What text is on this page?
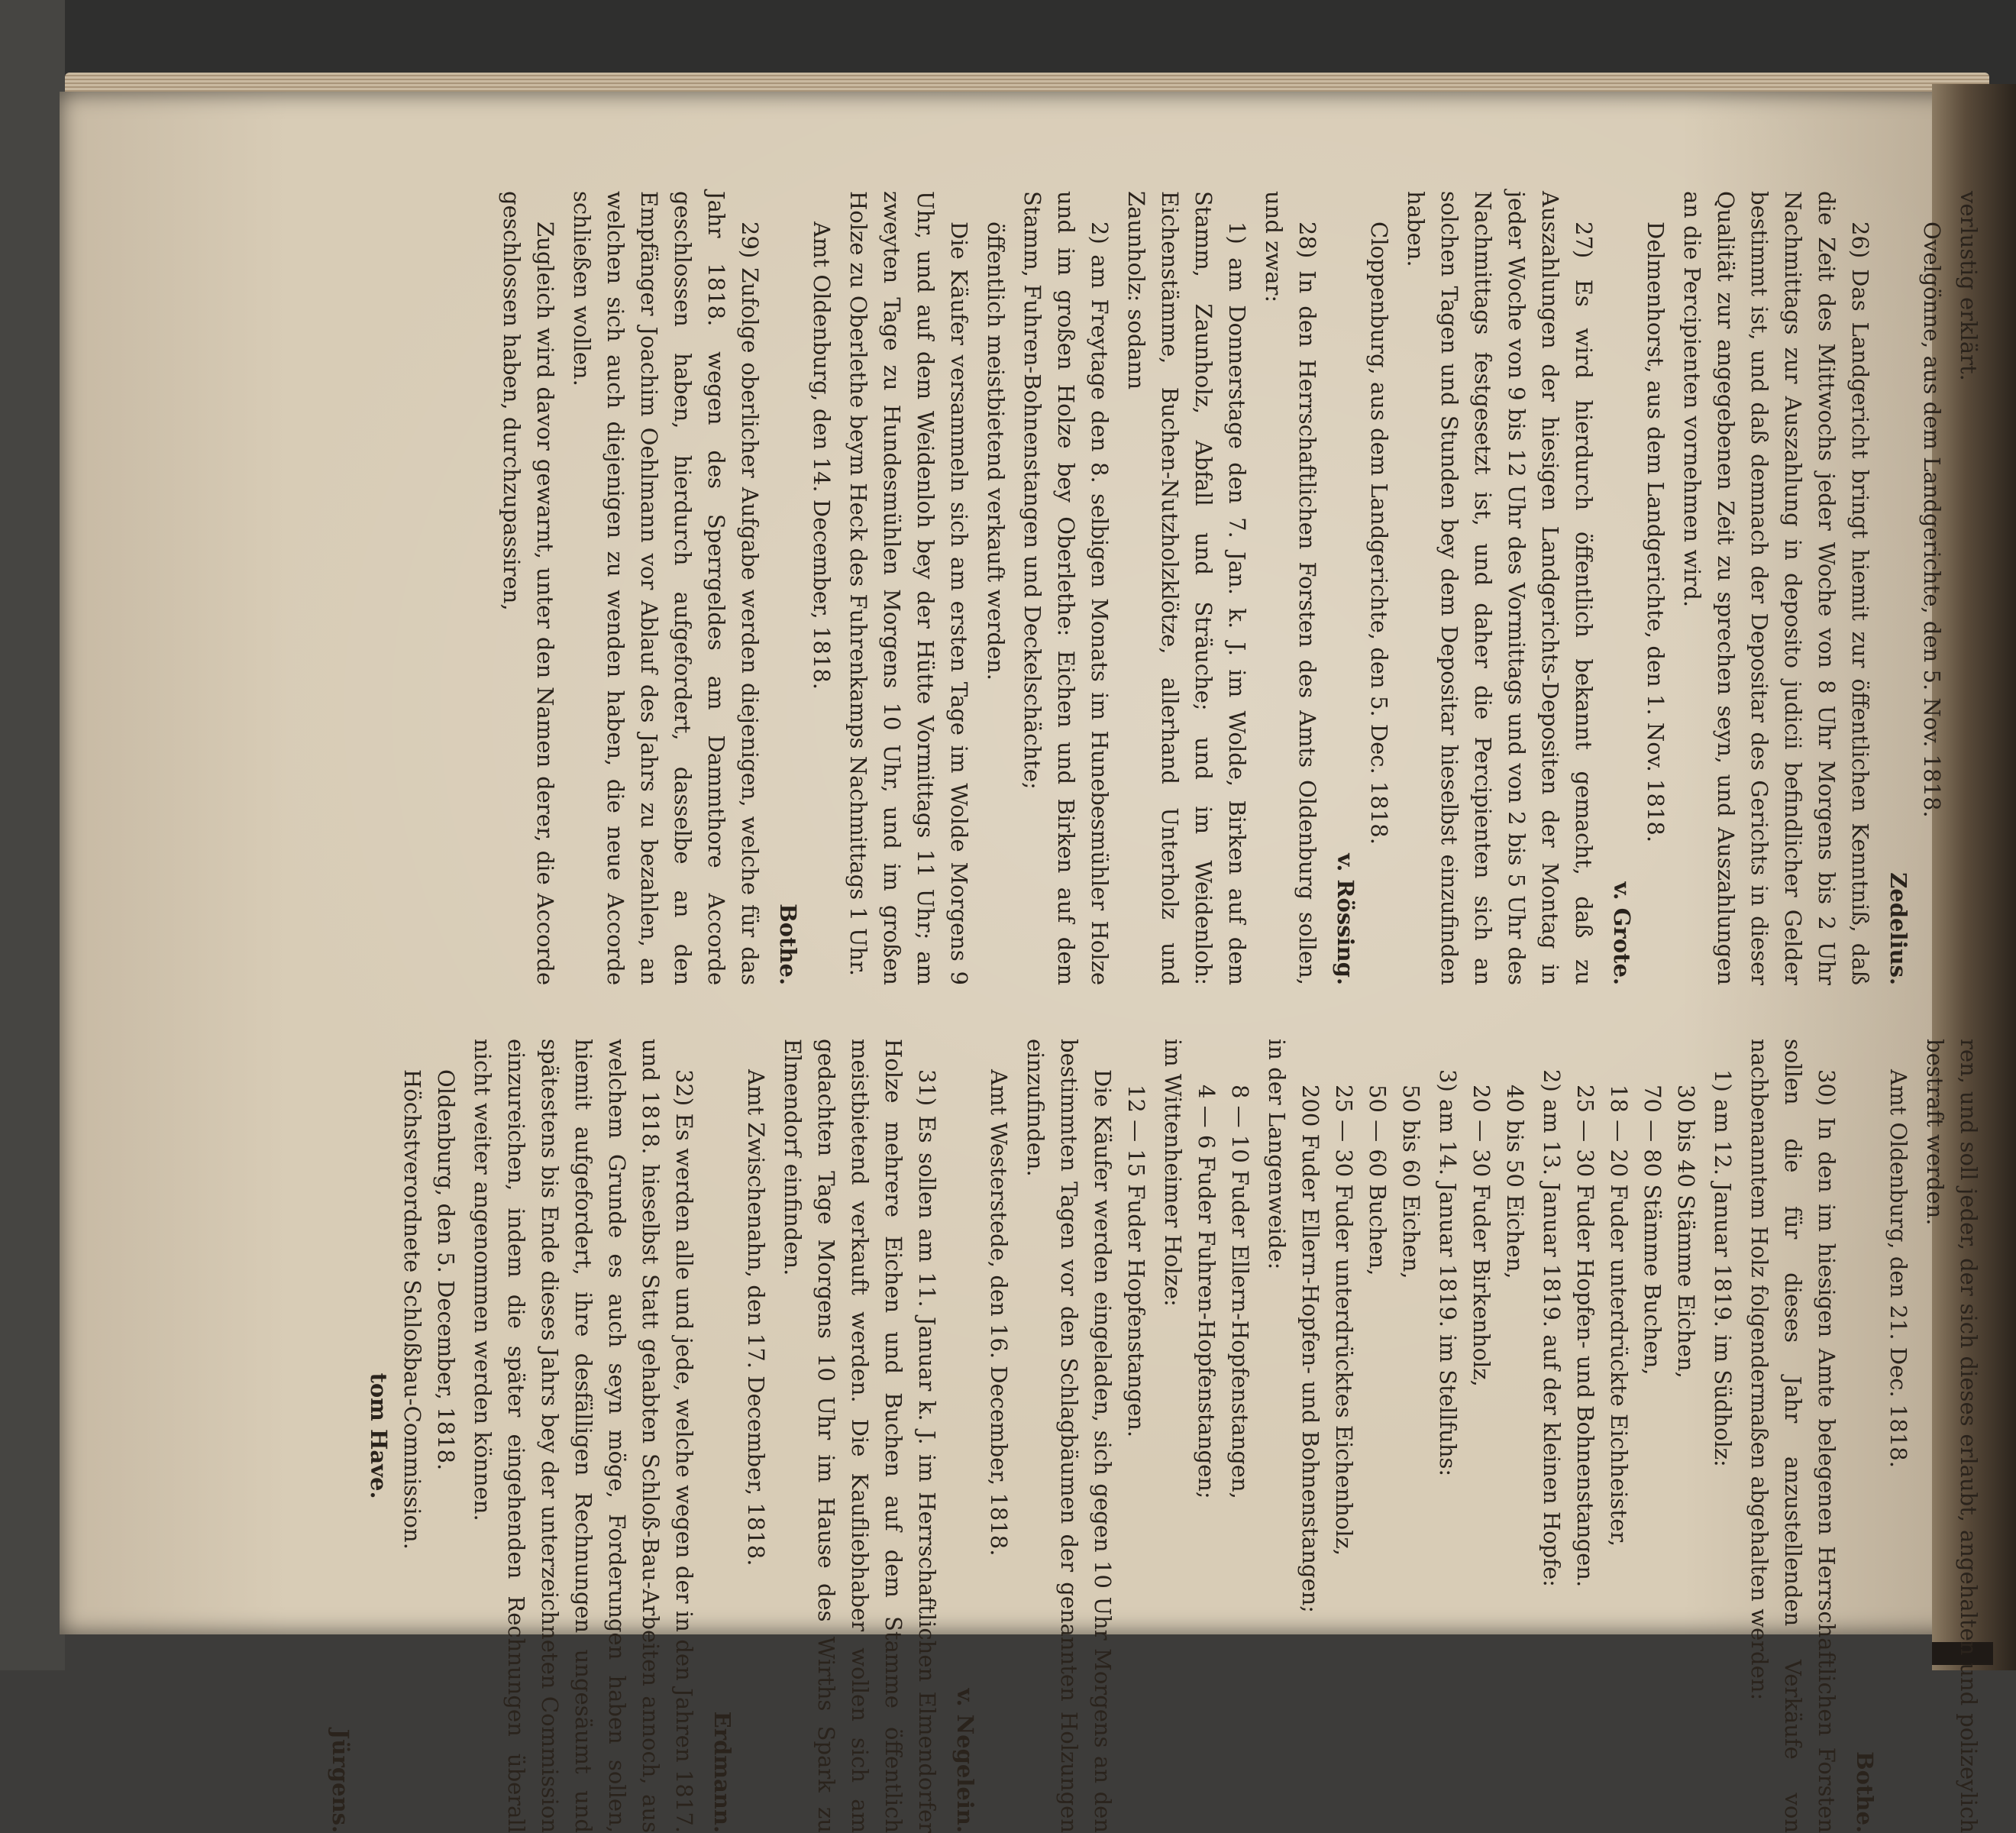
verlustig erklärt.

Ovelgönne, aus dem Landgerichte, den 5. Nov. 1818.

Zedelius.

26) Das Landgericht bringt hiemit zur öffentlichen Kenntniß, daß die Zeit des Mittwochs jeder Woche von 8 Uhr Morgens bis 2 Uhr Nachmittags zur Auszahlung in deposito judicii befindlicher Gelder bestimmt ist, und daß demnach der Depositar des Gerichts in dieser Qualität zur angegebenen Zeit zu sprechen seyn, und Auszahlungen an die Percipienten vornehmen wird.

Delmenhorst, aus dem Landgerichte, den 1. Nov. 1818.

v. Grote.

27) Es wird hierdurch öffentlich bekannt gemacht, daß zu Auszahlungen der hiesigen Landgerichts-Depositen der Montag in jeder Woche von 9 bis 12 Uhr des Vormittags und von 2 bis 5 Uhr des Nachmittags festgesetzt ist, und daher die Percipienten sich an solchen Tagen und Stunden bey dem Depositar hieselbst einzufinden haben.

Cloppenburg, aus dem Landgerichte, den 5. Dec. 1818.

v. Rössing.

28) In den Herrschaftlichen Forsten des Amts Oldenburg sollen, und zwar:

1) am Donnerstage den 7. Jan. k. J. im Wolde, Birken auf dem Stamm, Zaunholz, Abfall und Sträuche; und im Weidenloh: Eichenstämme, Buchen-Nutzholzklötze, allerhand Unterholz und Zaunholz: sodann

2) am Freytage den 8. selbigen Monats im Hunebesmühler Holze und im großen Holze bey Oberlethe: Eichen und Birken auf dem Stamm, Fuhren-Bohnenstangen und Deckelschächte;

öffentlich meistbietend verkauft werden.

Die Käufer versammeln sich am ersten Tage im Wolde Morgens 9 Uhr, und auf dem Weidenloh bey der Hütte Vormittags 11 Uhr; am zweyten Tage zu Hundesmühlen Morgens 10 Uhr, und im großen Holze zu Oberlethe beym Heck des Fuhrenkamps Nachmittags 1 Uhr.

Amt Oldenburg, den 14. December, 1818.

Bothe.

29) Zufolge oberlicher Aufgabe werden diejenigen, welche für das Jahr 1818. wegen des Sperrgeldes am Dammthore Accorde geschlossen haben, hierdurch aufgefordert, dasselbe an den Empfänger Joachim Oehlmann vor Ablauf des Jahrs zu bezahlen, an welchen sich auch diejenigen zu wenden haben, die neue Accorde schließen wollen.

Zugleich wird davor gewarnt, unter den Namen derer, die Accorde geschlossen haben, durchzupassiren,

ren, und soll jeder, der sich dieses erlaubt, angehalten und polizeylich bestraft werden.

Amt Oldenburg, den 21. Dec. 1818.

Bothe.

30) In den im hiesigen Amte belegenen Herrschaftlichen Forsten sollen die für dieses Jahr anzustellenden Verkäufe von nachbenanntem Holz folgendermaßen abgehalten werden:

1) am 12. Januar 1819. im Südholz:

30 bis 40 Stämme Eichen,

70 — 80 Stämme Buchen,

18 — 20 Fuder unterdrückte Eichheister,

25 — 30 Fuder Hopfen- und Bohnenstangen.

2) am 13. Januar 1819. auf der kleinen Hopfe:

40 bis 50 Eichen,

20 — 30 Fuder Birkenholz,

3) am 14. Januar 1819. im Stellfuhs:

50 bis 60 Eichen,

50 — 60 Buchen,

25 — 30 Fuder unterdrücktes Eichenholz,

200 Fuder Ellern-Hopfen- und Bohnenstangen;

in der Langenweide:

8 — 10 Fuder Ellern-Hopfenstangen,

4 — 6 Fuder Fuhren-Hopfenstangen;

im Wittenheimer Holze:

12 — 15 Fuder Hopfenstangen.

Die Käufer werden eingeladen, sich gegen 10 Uhr Morgens an den bestimmten Tagen vor den Schlagbäumen der genannten Holzungen einzufinden.

Amt Westerstede, den 16. December, 1818.

v. Negelein.

31) Es sollen am 11. Januar k. J. im Herrschaftlichen Elmendorfer Holze mehrere Eichen und Buchen auf dem Stamme öffentlich meistbietend verkauft werden. Die Kaufliebhaber wollen sich am gedachten Tage Morgens 10 Uhr im Hause des Wirths Spark zu Elmendorf einfinden.

Amt Zwischenahn, den 17. December, 1818.

Erdmann.

32) Es werden alle und jede, welche wegen der in den Jahren 1817. und 1818. hieselbst Statt gehabten Schloß-Bau-Arbeiten annoch, aus welchem Grunde es auch seyn möge, Forderungen haben sollen, hiemit aufgefordert, ihre desfälligen Rechnungen ungesäumt und spätestens bis Ende dieses Jahrs bey der unterzeichneten Commission einzureichen, indem die später eingehenden Rechnungen überall nicht weiter angenommen werden können.

Oldenburg, den 5. December, 1818.

Höchstverordnete Schloßbau-Commission.

tom Have.

Jürgens.
